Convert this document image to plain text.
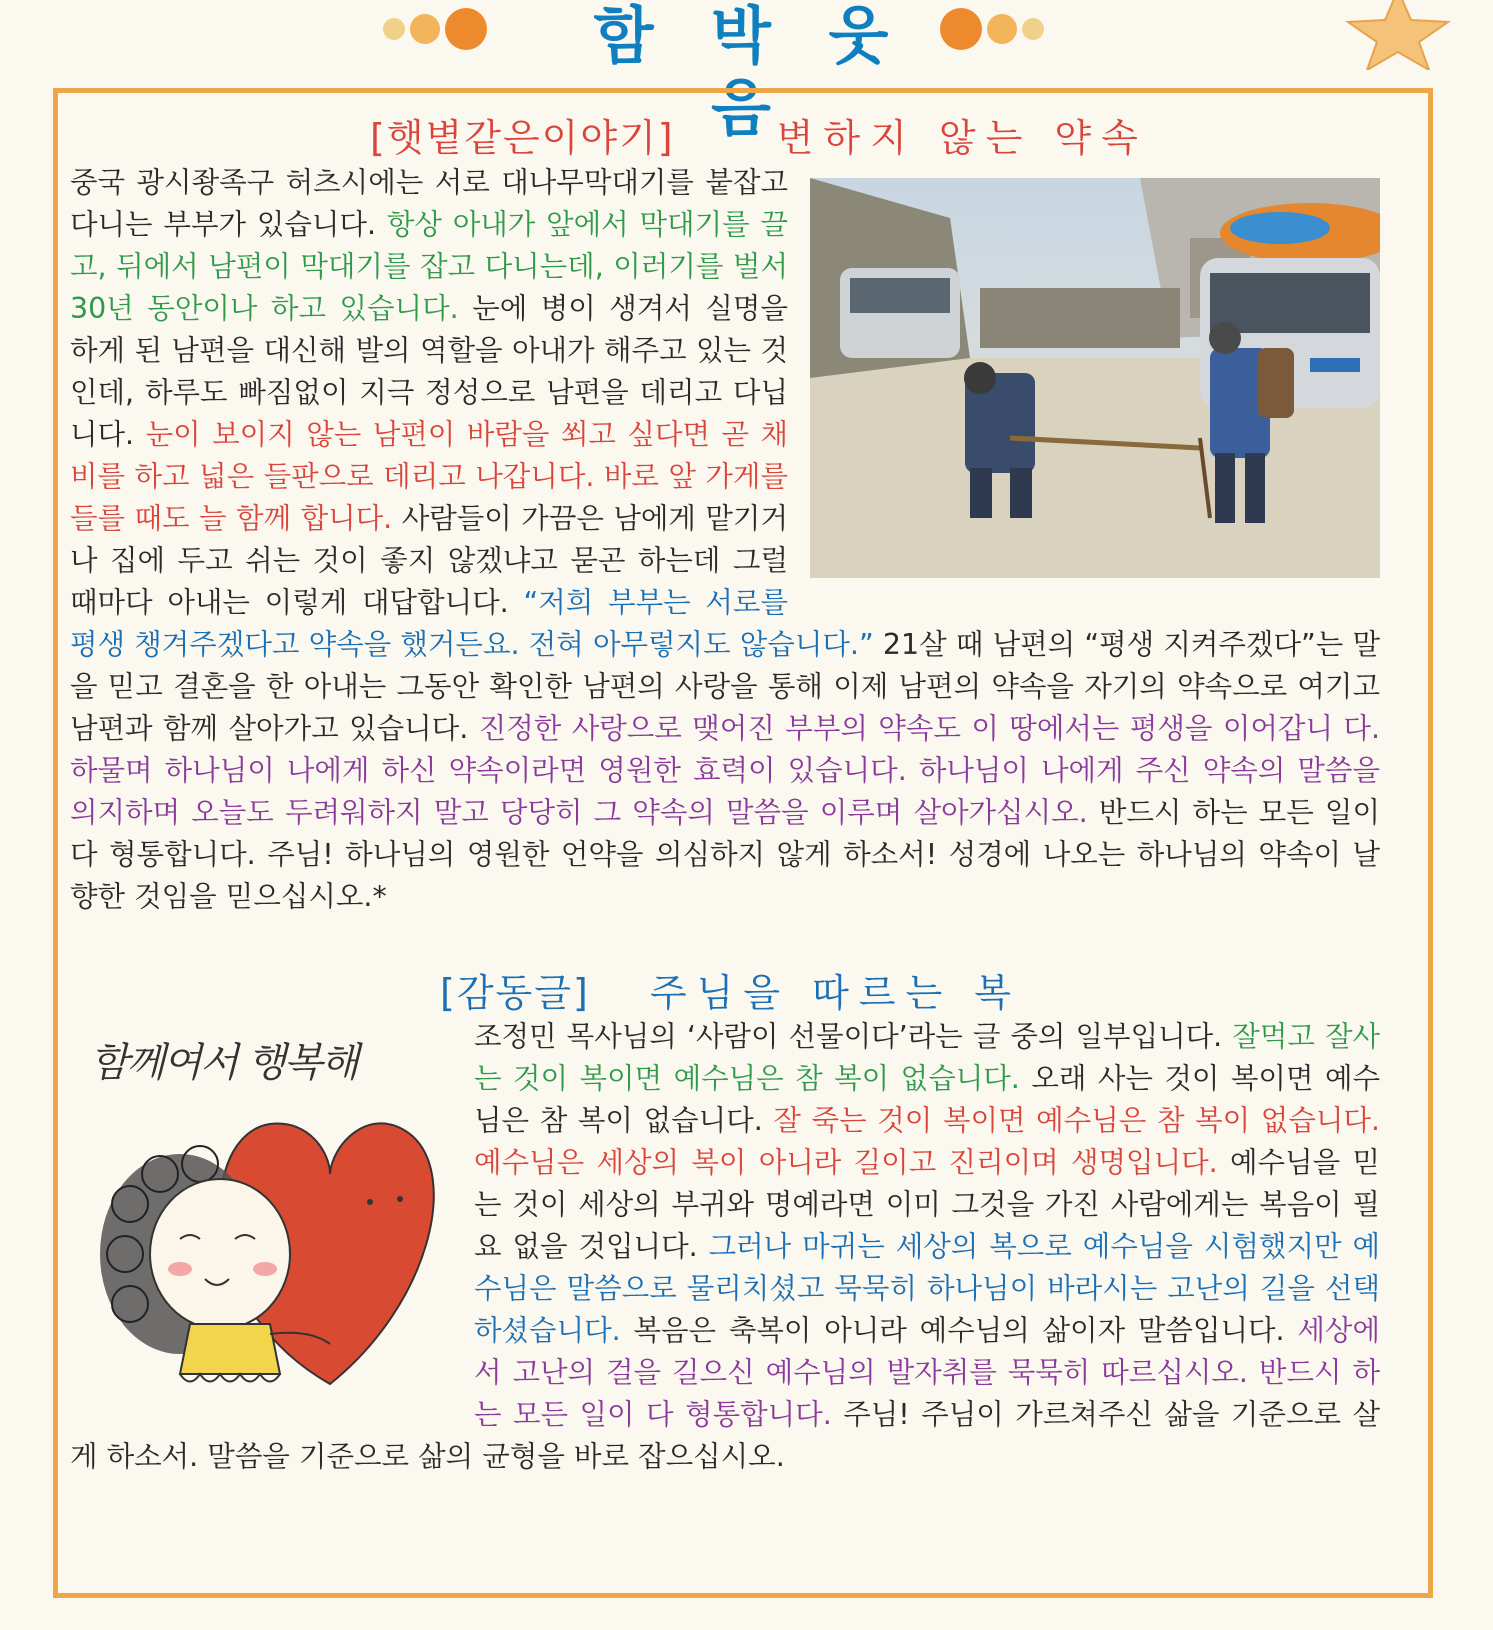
함 박 웃 음
[햇볕같은이야기]	변하지 않는 약속
중국 광시좡족구 허츠시에는 서로 대나무막대기를 붙잡고 다니는 부부가 있습니다. 항상 아내가 앞에서 막대기를 끌고, 뒤에서 남편이 막대기를 잡고 다니는데, 이러기를 벌서 30년 동안이나 하고 있습니다. 눈에 병이 생겨서 실명을 하게 된 남편을 대신해 발의 역할을 아내가 해주고 있는 것인데, 하루도 빠짐없이 지극 정성으로 남편을 데리고 다닙니다. 눈이 보이지 않는 남편이 바람을 쐬고 싶다면 곧 채비를 하고 넓은 들판으로 데리고 나갑니다. 바로 앞 가게를 들를 때도 늘 함께 합니다. 사람들이 가끔은 남에게 맡기거나 집에 두고 쉬는 것이 좋지 않겠냐고 묻곤 하는데 그럴 때마다 아내는 이렇게 대답합니다. “저희 부부는 서로를 평생 챙겨주겠다고 약속을 했거든요. 전혀 아무렇지도 않습니다.” 21살 때 남편의 “평생 지켜주겠다”는 말을 믿고 결혼을 한 아내는 그동안 확인한 남편의 사랑을 통해 이제 남편의 약속을 자기의 약속으로 여기고 남편과 함께 살아가고 있습니다. 진정한 사랑으로 맺어진 부부의 약속도 이 땅에서는 평생을 이어갑니 다. 하물며 하나님이 나에게 하신 약속이라면 영원한 효력이 있습니다. 하나님이 나에게 주신 약속의 말씀을 의지하며 오늘도 두려워하지 말고 당당히 그 약속의 말씀을 이루며 살아가십시오. 반드시 하는 모든 일이 다 형통합니다. 주님! 하나님의 영원한 언약을 의심하지 않게 하소서! 성경에 나오는 하나님의 약속이 날 향한 것임을 믿으십시오.*
[감동글] 주님을 따르는 복
함께여서 행복해
조정민 목사님의 ‘사람이 선물이다’라는 글 중의 일부입니다. 잘먹고 잘사는 것이 복이면 예수님은 참 복이 없습니다. 오래 사는 것이 복이면 예수님은 참 복이 없습니다. 잘 죽는 것이 복이면 예수님은 참 복이 없습니다. 예수님은 세상의 복이 아니라 길이고 진리이며 생명입니다. 예수님을 믿는 것이 세상의 부귀와 명예라면 이미 그것을 가진 사람에게는 복음이 필요 없을 것입니다. 그러나 마귀는 세상의 복으로 예수님을 시험했지만 예수님은 말씀으로 물리치셨고 묵묵히 하나님이 바라시는 고난의 길을 선택하셨습니다. 복음은 축복이 아니라 예수님의 삶이자 말씀입니다. 세상에서 고난의 걸을 길으신 예수님의 발자취를 묵묵히 따르십시오. 반드시 하는 모든 일이 다 형통합니다. 주님! 주님이 가르쳐주신 삶을 기준으로 살게 하소서. 말씀을 기준으로 삶의 균형을 바로 잡으십시오.
